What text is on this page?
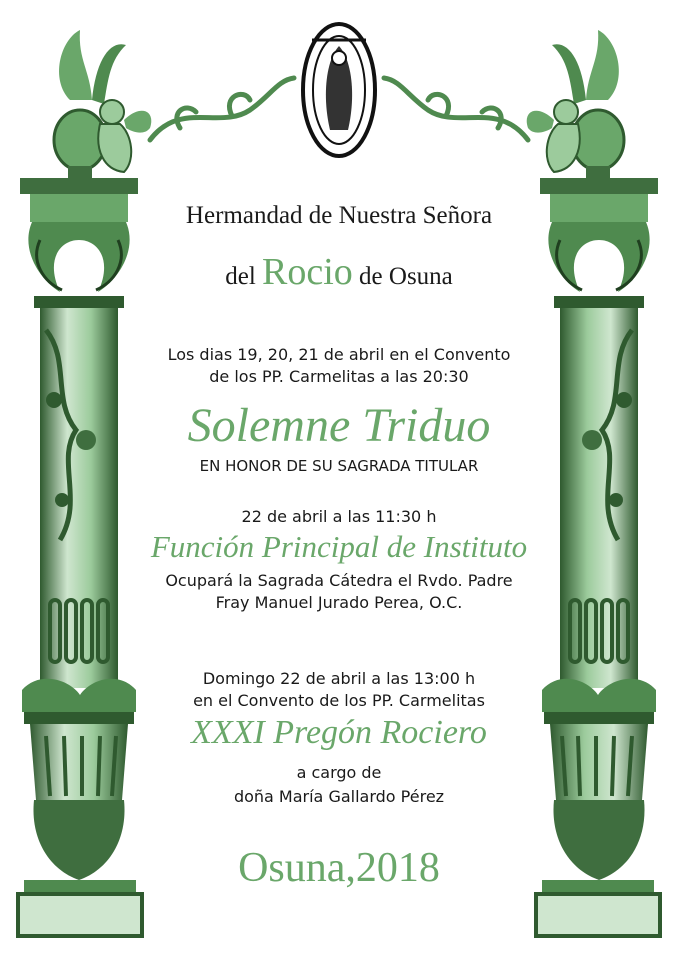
Hermandad de Nuestra Señora
del Rocio de Osuna
Los dias 19, 20, 21 de abril en el Convento
de los PP. Carmelitas a las 20:30
Solemne Triduo
EN HONOR DE SU SAGRADA TITULAR
22 de abril a las 11:30 h
Función Principal de Instituto
Ocupará la Sagrada Cátedra el Rvdo. Padre
Fray Manuel Jurado Perea, O.C.
Domingo 22 de abril a las 13:00 h
en el Convento de los PP. Carmelitas
XXXI Pregón Rociero
a cargo de
doña María Gallardo Pérez
Osuna,2018
